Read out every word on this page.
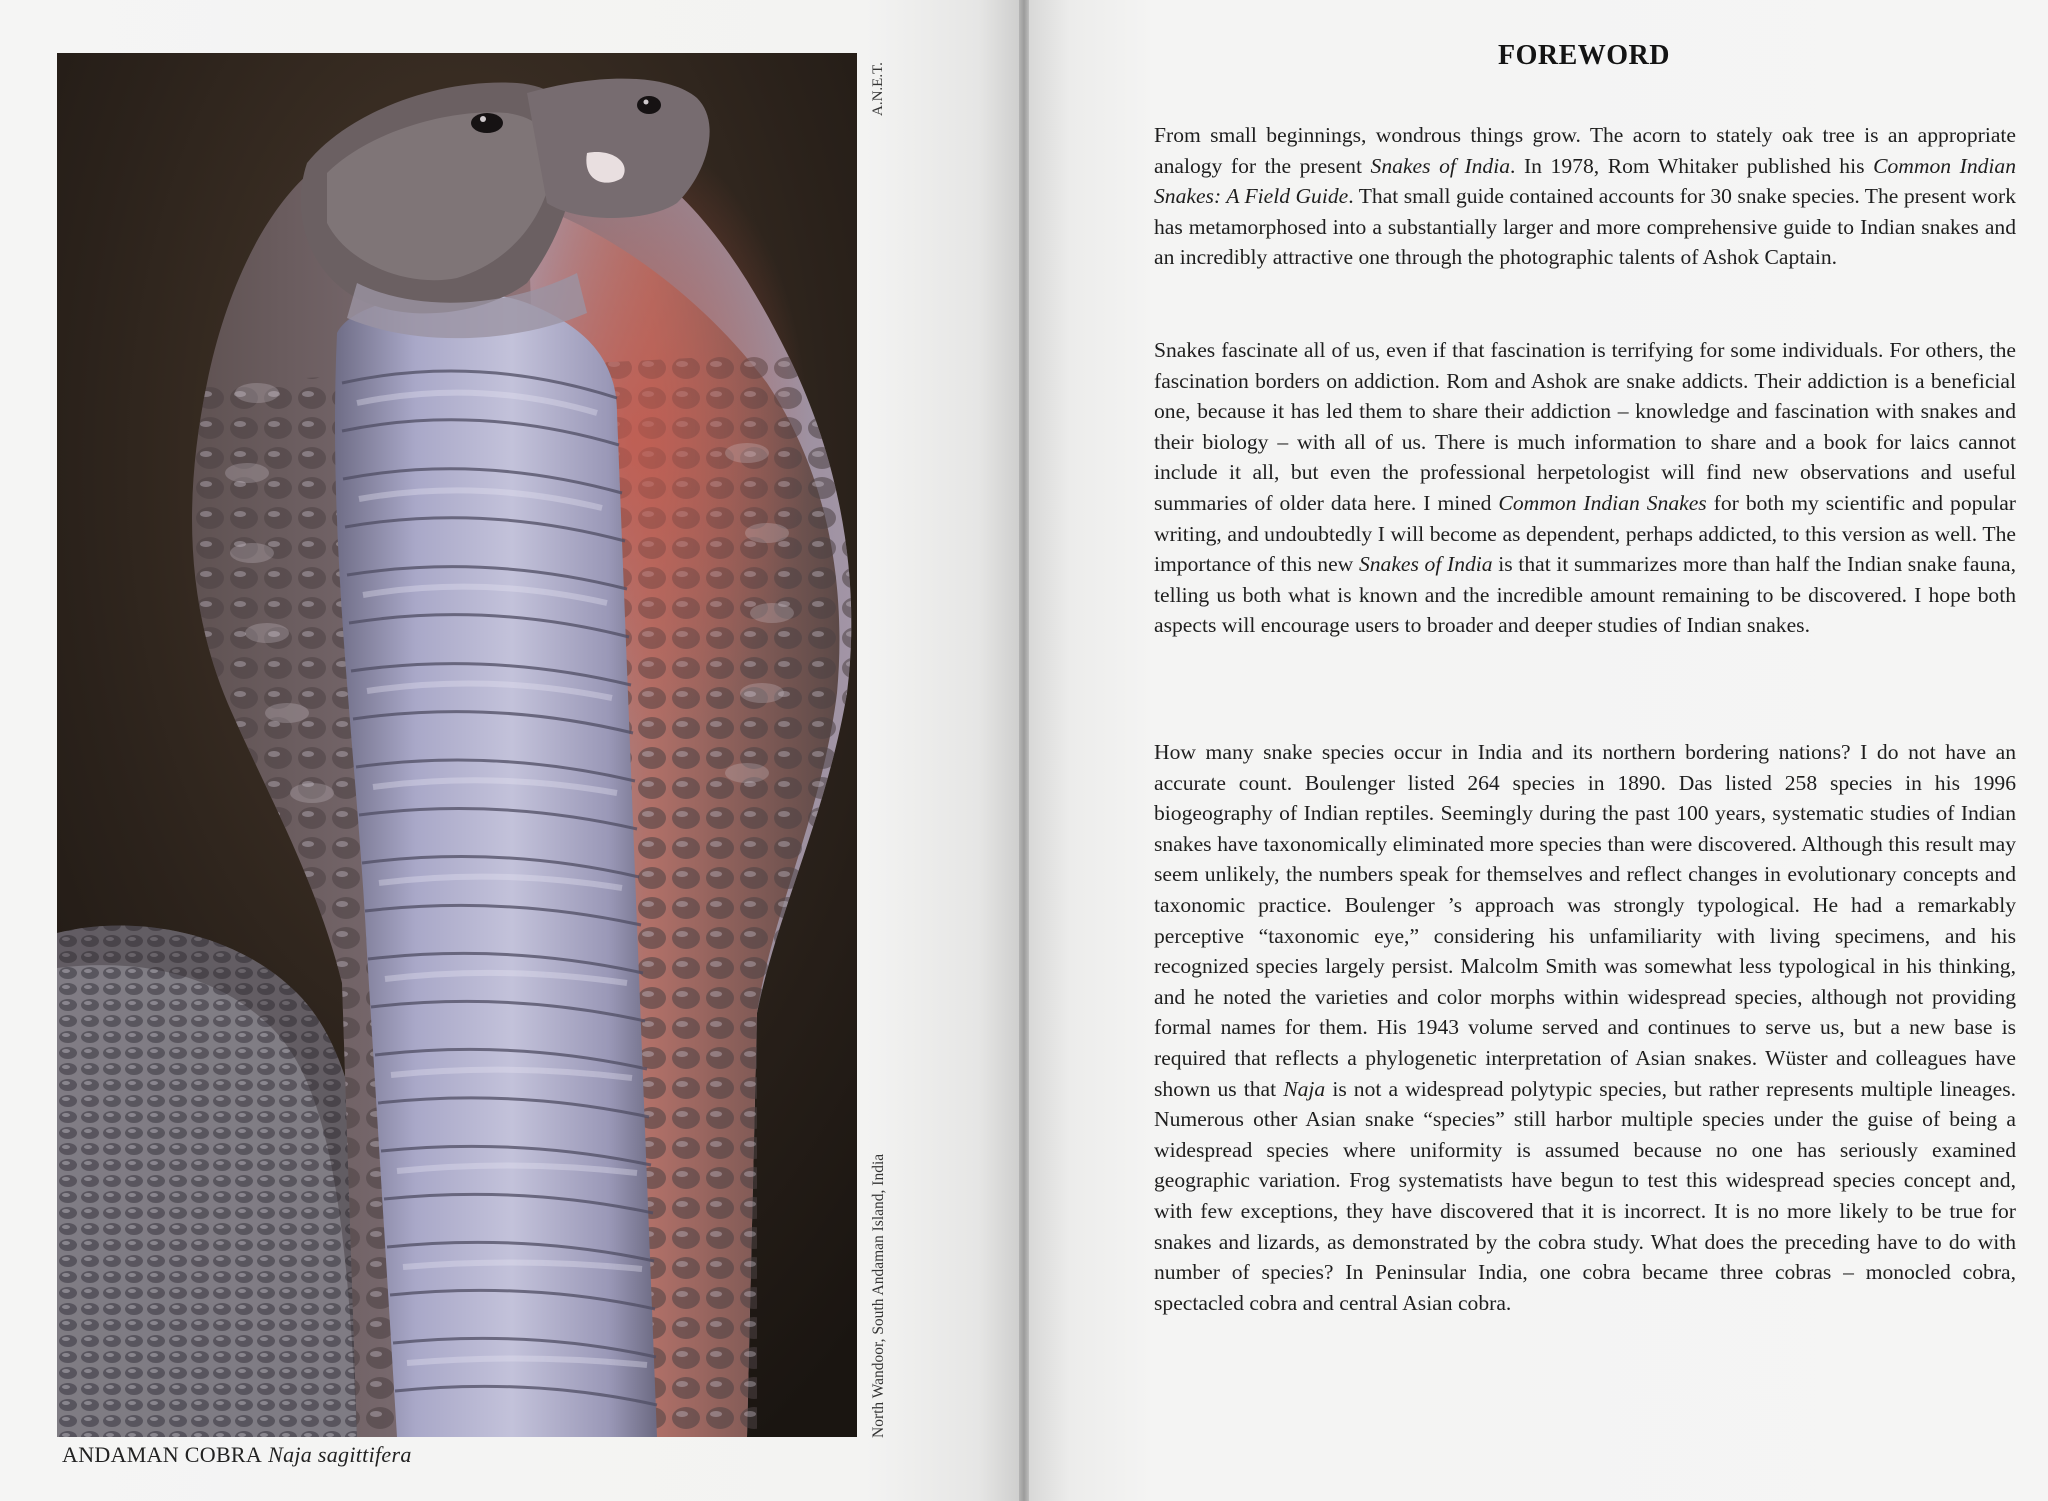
A.N.E.T.
North Wandoor, South Andaman Island, India
ANDAMAN COBRA Naja sagittifera
FOREWORD

From small beginnings, wondrous things grow. The acorn to stately oak tree is an appropriate analogy for the present Snakes of India. In 1978, Rom Whitaker published his Common Indian Snakes: A Field Guide. That small guide contained accounts for 30 snake species. The present work has metamorphosed into a substantially larger and more comprehensive guide to Indian snakes and an incredibly attractive one through the photographic talents of Ashok Captain.

Snakes fascinate all of us, even if that fascination is terrifying for some individuals. For others, the fascination borders on addiction. Rom and Ashok are snake addicts. Their addiction is a beneficial one, because it has led them to share their addiction – knowledge and fascination with snakes and their biology – with all of us. There is much information to share and a book for laics cannot include it all, but even the professional herpetologist will find new observations and useful summaries of older data here. I mined Common Indian Snakes for both my scientific and popular writing, and undoubtedly I will become as dependent, perhaps addicted, to this version as well. The importance of this new Snakes of India is that it summarizes more than half the Indian snake fauna, telling us both what is known and the incredible amount remaining to be discovered. I hope both aspects will encourage users to broader and deeper studies of Indian snakes.

How many snake species occur in India and its northern bordering nations? I do not have an accurate count. Boulenger listed 264 species in 1890. Das listed 258 species in his 1996 biogeography of Indian reptiles. Seemingly during the past 100 years, systematic studies of Indian snakes have taxonomically eliminated more species than were discovered. Although this result may seem unlikely, the numbers speak for themselves and reflect changes in evolutionary concepts and taxonomic practice. Boulenger ’s approach was strongly typological. He had a remarkably perceptive “taxonomic eye,” considering his unfamiliarity with living specimens, and his recognized species largely persist. Malcolm Smith was somewhat less typological in his thinking, and he noted the varieties and color morphs within widespread species, although not providing formal names for them. His 1943 volume served and continues to serve us, but a new base is required that reflects a phylogenetic interpretation of Asian snakes. Wüster and colleagues have shown us that Naja is not a widespread polytypic species, but rather represents multiple lineages. Numerous other Asian snake “species” still harbor multiple species under the guise of being a widespread species where uniformity is assumed because no one has seriously examined geographic variation. Frog systematists have begun to test this widespread species concept and, with few exceptions, they have discovered that it is incorrect. It is no more likely to be true for snakes and lizards, as demonstrated by the cobra study. What does the preceding have to do with number of species? In Peninsular India, one cobra became three cobras – monocled cobra, spectacled cobra and central Asian cobra.
